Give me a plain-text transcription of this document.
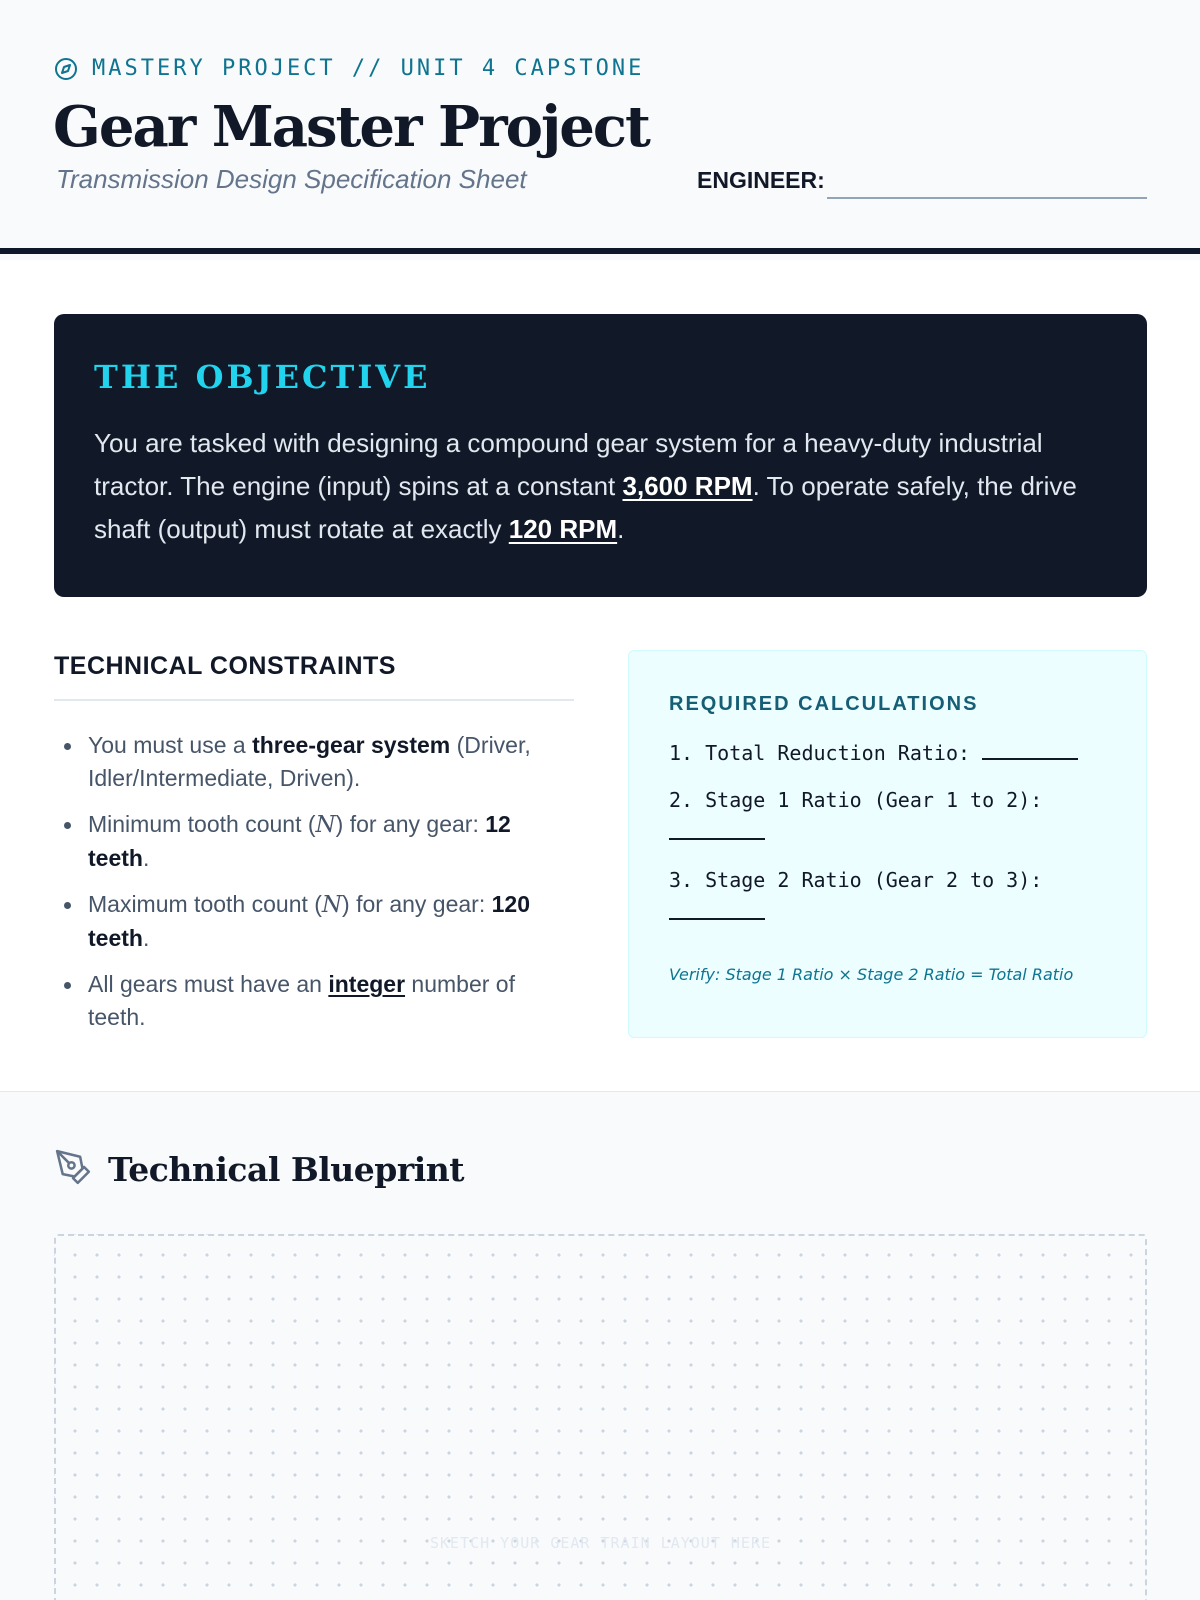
MASTERY PROJECT // UNIT 4 CAPSTONE
Gear Master Project
Transmission Design Specification Sheet	ENGINEER:
THE OBJECTIVE

You are tasked with designing a compound gear system for a heavy-duty industrial tractor. The engine (input) spins at a constant 3,600 RPM. To operate safely, the drive shaft (output) must rotate at exactly 120 RPM.

TECHNICAL CONSTRAINTS
You must use a three-gear system (Driver, Idler/Intermediate, Driven).
Minimum tooth count (N) for any gear: 12 teeth.
Maximum tooth count (N) for any gear: 120 teeth.
All gears must have an integer number of teeth.
REQUIRED CALCULATIONS
1. Total Reduction Ratio:
2. Stage 1 Ratio (Gear 1 to 2):
3. Stage 2 Ratio (Gear 2 to 3):
Verify: Stage 1 Ratio × Stage 2 Ratio = Total Ratio
Technical Blueprint
SKETCH YOUR GEAR TRAIN LAYOUT HERE
